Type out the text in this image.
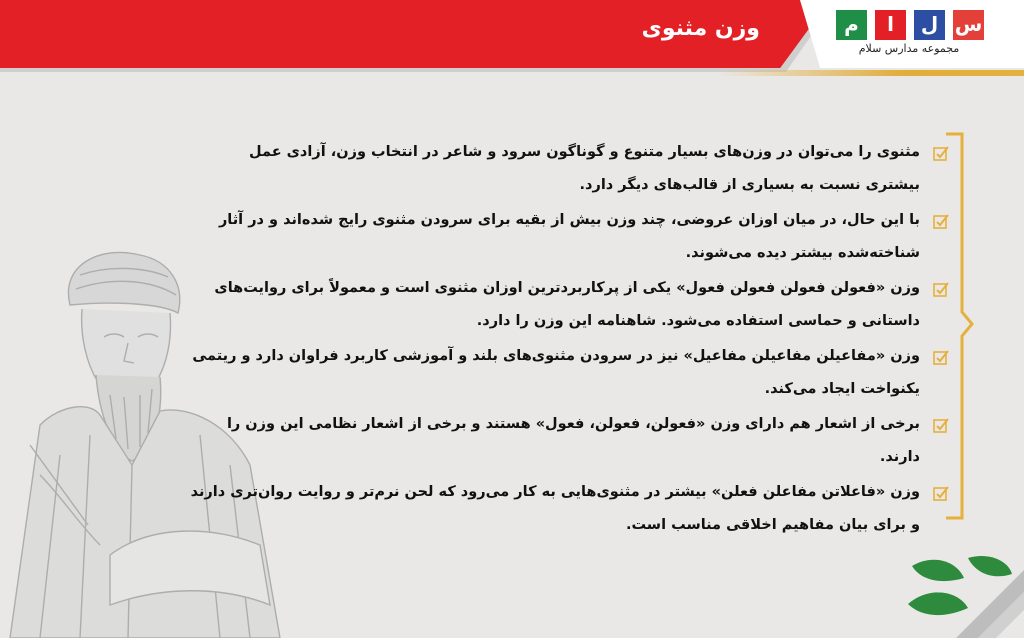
وزن مثنوی	س
ل
ا
م
مجموعه مدارس سلام
مثنوی را می‌توان در وزن‌های بسیار متنوع و گوناگون سرود و شاعر در انتخاب وزن، آزادی عمل بیشتری نسبت به بسیاری از قالب‌های دیگر دارد.
با این حال، در میان اوزان عروضی، چند وزن بیش از بقیه برای سرودن مثنوی رایج شده‌اند و در آثار شناخته‌شده بیشتر دیده می‌شوند.
وزن «فعولن فعولن فعولن فعول» یکی از پرکاربردترین اوزان مثنوی است و معمولاً برای روایت‌های داستانی و حماسی استفاده می‌شود. شاهنامه این وزن را دارد.
وزن «مفاعیلن مفاعیلن مفاعیل» نیز در سرودن مثنوی‌های بلند و آموزشی کاربرد فراوان دارد و ریتمی یکنواخت ایجاد می‌کند.
برخی از اشعار هم دارای وزن «فعولن، فعولن، فعول» هستند و برخی از اشعار نظامی این وزن را دارند.
وزن «فاعلاتن مفاعلن فعلن» بیشتر در مثنوی‌هایی به کار می‌رود که لحن نرم‌تر و روایت روان‌تری دارند و برای بیان مفاهیم اخلاقی مناسب است.
